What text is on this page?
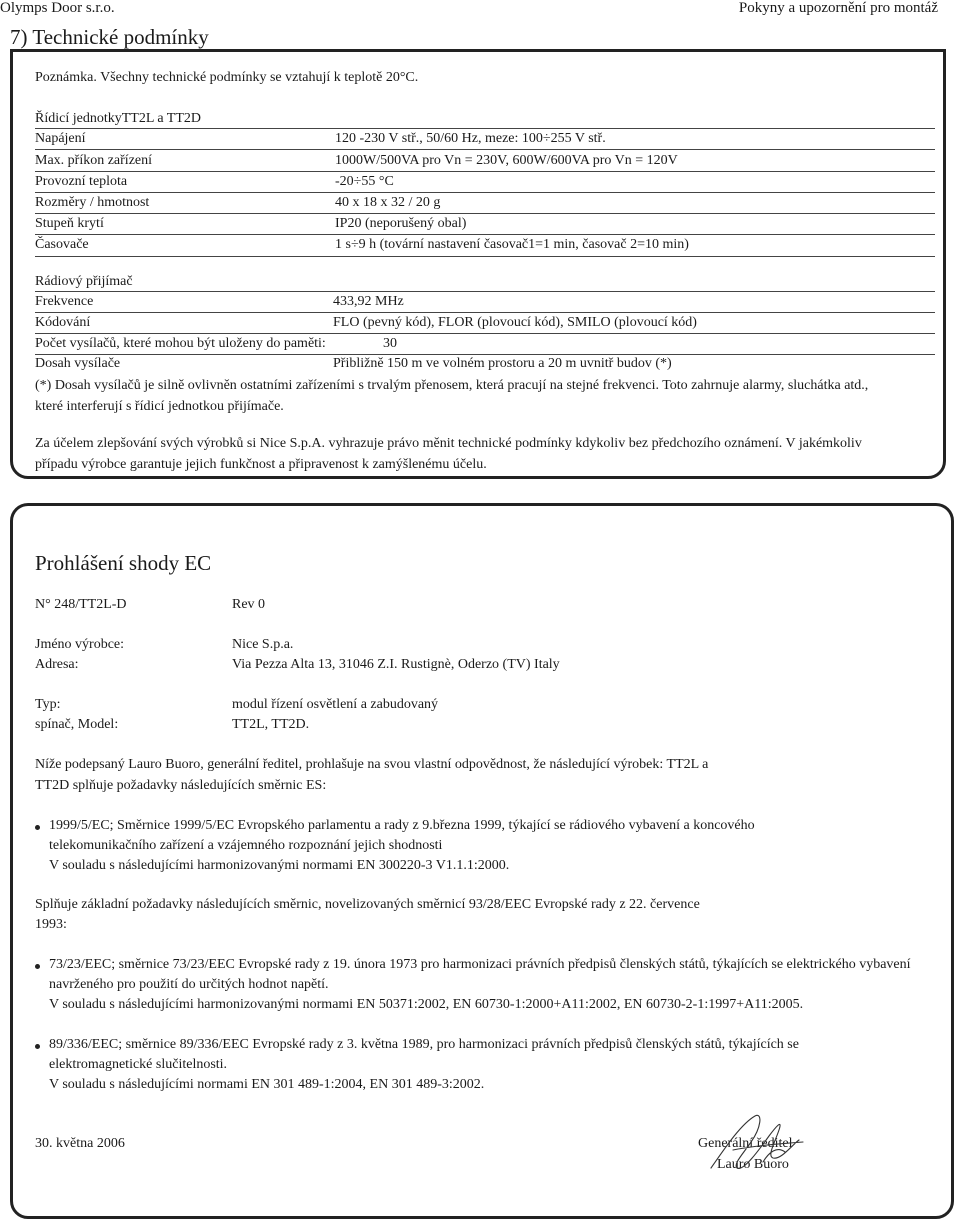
Olymps Door s.r.o.	Pokyny a upozornění pro montáž
7) Technické podmínky
Poznámka. Všechny technické podmínky se vztahují k teplotě 20°C.
Řídicí jednotkyTT2L a TT2D
Napájení	120 -230 V stř., 50/60 Hz, meze: 100÷255 V stř.
Max. příkon zařízení	1000W/500VA pro Vn = 230V, 600W/600VA pro Vn = 120V
Provozní teplota	-20÷55 °C
Rozměry / hmotnost	40 x 18 x 32 / 20 g
Stupeň krytí	IP20 (neporušený obal)
Časovače	1 s÷9 h (tovární nastavení časovač1=1 min, časovač 2=10 min)
Rádiový přijímač
Frekvence	433,92 MHz
Kódování	FLO (pevný kód), FLOR (plovoucí kód), SMILO (plovoucí kód)
Počet vysílačů, které mohou být uloženy do paměti:	30
Dosah vysílače	Přibližně 150 m ve volném prostoru a 20 m uvnitř budov (*)
(*) Dosah vysílačů je silně ovlivněn ostatními zařízeními s trvalým přenosem, která pracují na stejné frekvenci. Toto zahrnuje alarmy, sluchátka atd.,
které interferují s řídicí jednotkou přijímače.
Za účelem zlepšování svých výrobků si Nice S.p.A. vyhrazuje právo měnit technické podmínky kdykoliv bez předchozího oznámení. V jakémkoliv
případu výrobce garantuje jejich funkčnost a připravenost k zamýšlenému účelu.
Prohlášení shody EC
N° 248/TT2L-D	Rev 0
Jméno výrobce:	Nice S.p.a.
Adresa:	Via Pezza Alta 13, 31046 Z.I. Rustignè, Oderzo (TV) Italy
Typ:	modul řízení osvětlení a zabudovaný
spínač, Model:	TT2L, TT2D.
Níže podepsaný Lauro Buoro, generální ředitel, prohlašuje na svou vlastní odpovědnost, že následující výrobek: TT2L a
TT2D splňuje požadavky následujících směrnic ES:
1999/5/EC; Směrnice 1999/5/EC Evropského parlamentu a rady z 9.března 1999, týkající se rádiového vybavení a koncového
telekomunikačního zařízení a vzájemného rozpoznání jejich shodnosti
V souladu s následujícími harmonizovanými normami EN 300220-3 V1.1.1:2000.
Splňuje základní požadavky následujících směrnic, novelizovaných směrnicí 93/28/EEC Evropské rady z 22. července
1993:
73/23/EEC; směrnice 73/23/EEC Evropské rady z 19. února 1973 pro harmonizaci právních předpisů členských států, týkajících se elektrického vybavení
navrženého pro použití do určitých hodnot napětí.
V souladu s následujícími harmonizovanými normami EN 50371:2002, EN 60730-1:2000+A11:2002, EN 60730-2-1:1997+A11:2005.
89/336/EEC; směrnice 89/336/EEC Evropské rady z 3. května 1989, pro harmonizaci právních předpisů členských států, týkajících se
elektromagnetické slučitelnosti.
V souladu s následujícími normami EN 301 489-1:2004, EN 301 489-3:2002.
30. května 2006	Generální ředitel
Lauro Buoro
